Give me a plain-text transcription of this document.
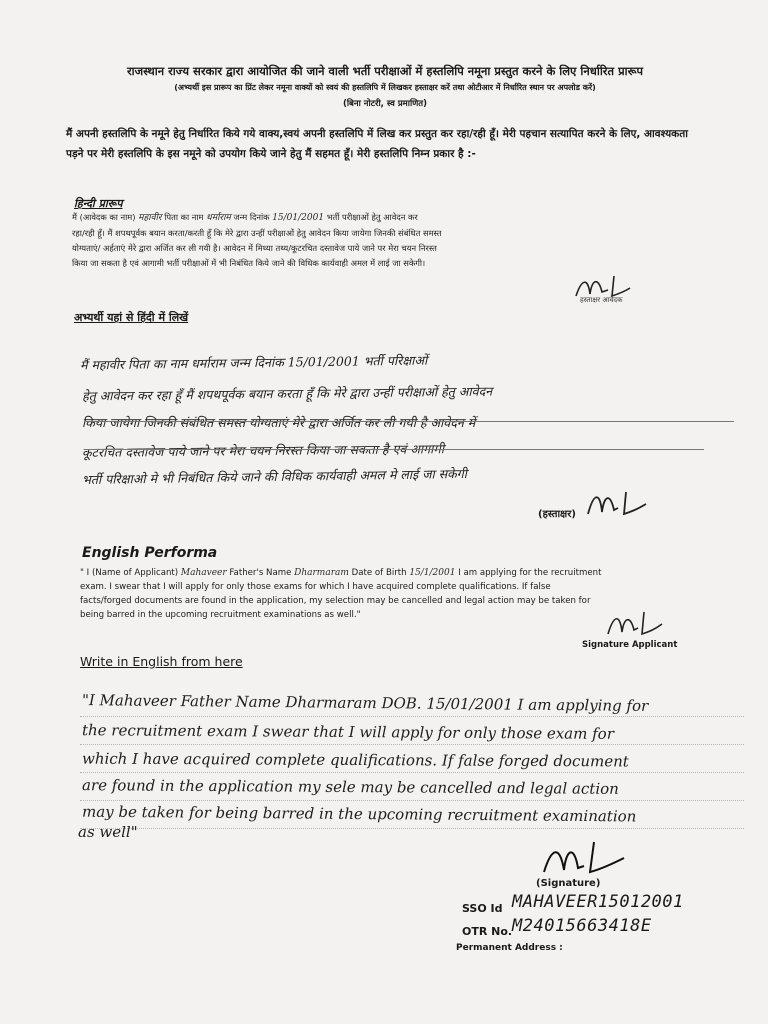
राजस्थान राज्य सरकार द्वारा आयोजित की जाने वाली भर्ती परीक्षाओं में हस्तलिपि नमूना प्रस्तुत करने के लिए निर्धारित प्रारूप
(अभ्यर्थी इस प्रारूप का प्रिंट लेकर नमूना वाक्यों को स्वयं की हस्तलिपि में लिखकर हस्ताक्षर करें तथा ओटीआर में निर्धारित स्थान पर अपलोड करें)
(बिना नोटरी, स्व प्रमाणित)
मैं अपनी हस्तलिपि के नमूने हेतु निर्धारित किये गये वाक्य,स्वयं अपनी हस्तलिपि में लिख कर प्रस्तुत कर रहा/रही हूँ। मेरी पहचान सत्यापित करने के लिए, आवश्यकता पड़ने पर मेरी हस्तलिपि के इस नमूने को उपयोग किये जाने हेतु मैं सहमत हूँ। मेरी हस्तलिपि निम्न प्रकार है :-
हिन्दी प्रारूप
मैं (आवेदक का नाम) महावीर पिता का नाम धर्माराम जन्म दिनांक 15/01/2001 भर्ती परीक्षाओं हेतु आवेदन कर
रहा/रही हूँ। मैं शपथपूर्वक बयान करता/करती हूँ कि मेरे द्वारा उन्हीं परीक्षाओं हेतु आवेदन किया जायेगा जिनकी संबंधित समस्त
योग्यताएं/ अर्हताएं मेरे द्वारा अर्जित कर ली गयी है। आवेदन में मिथ्या तथ्य/कूटरचित दस्तावेज पाये जाने पर मेरा चयन निरस्त
किया जा सकता है एवं आगामी भर्ती परीक्षाओं में भी निबंधित किये जाने की विधिक कार्यवाही अमल में लाई जा सकेगी।
हस्ताक्षर आवेदक
अभ्यर्थी यहां से हिंदी में लिखें
मैं महावीर पिता का नाम धर्माराम जन्म दिनांक 15/01/2001 भर्ती परिक्षाओं
हेतु आवेदन कर रहा हूँ मैं शपथपूर्वक बयान करता हूँ कि मेरे द्वारा उन्हीं परीक्षाओं हेतु आवेदन
किया जायेगा जिनकी संबंधित समस्त योग्यताएं मेरे द्वारा अर्जित कर ली गयी है आवेदन में
कूटरचित दस्तावेज पाये जाने पर मेरा चयन निरस्त किया जा सकता है एवं आगामी
भर्ती परिक्षाओ मे भी निबंधित किये जाने की विधिक कार्यवाही अमल मे लाई जा सकेगी
(हस्ताक्षर)
English Performa
" I (Name of Applicant) Mahaveer Father's Name Dharmaram Date of Birth 15/1/2001 I am applying for the recruitment
exam. I swear that I will apply for only those exams for which I have acquired complete qualifications. If false
facts/forged documents are found in the application, my selection may be cancelled and legal action may be taken for
being barred in the upcoming recruitment examinations as well."
Signature Applicant
Write in English from here
"I Mahaveer Father Name Dharmaram DOB. 15/01/2001 I am applying for
the recruitment exam I swear that I will apply for only those exam for
which I have acquired complete qualifications. If false forged document
are found in the application my sele may be cancelled and legal action
may be taken for being barred in the upcoming recruitment examination
as well"
(Signature)
SSO Id MAHAVEER15012001
OTR No. M24015663418E
Permanent Address :
